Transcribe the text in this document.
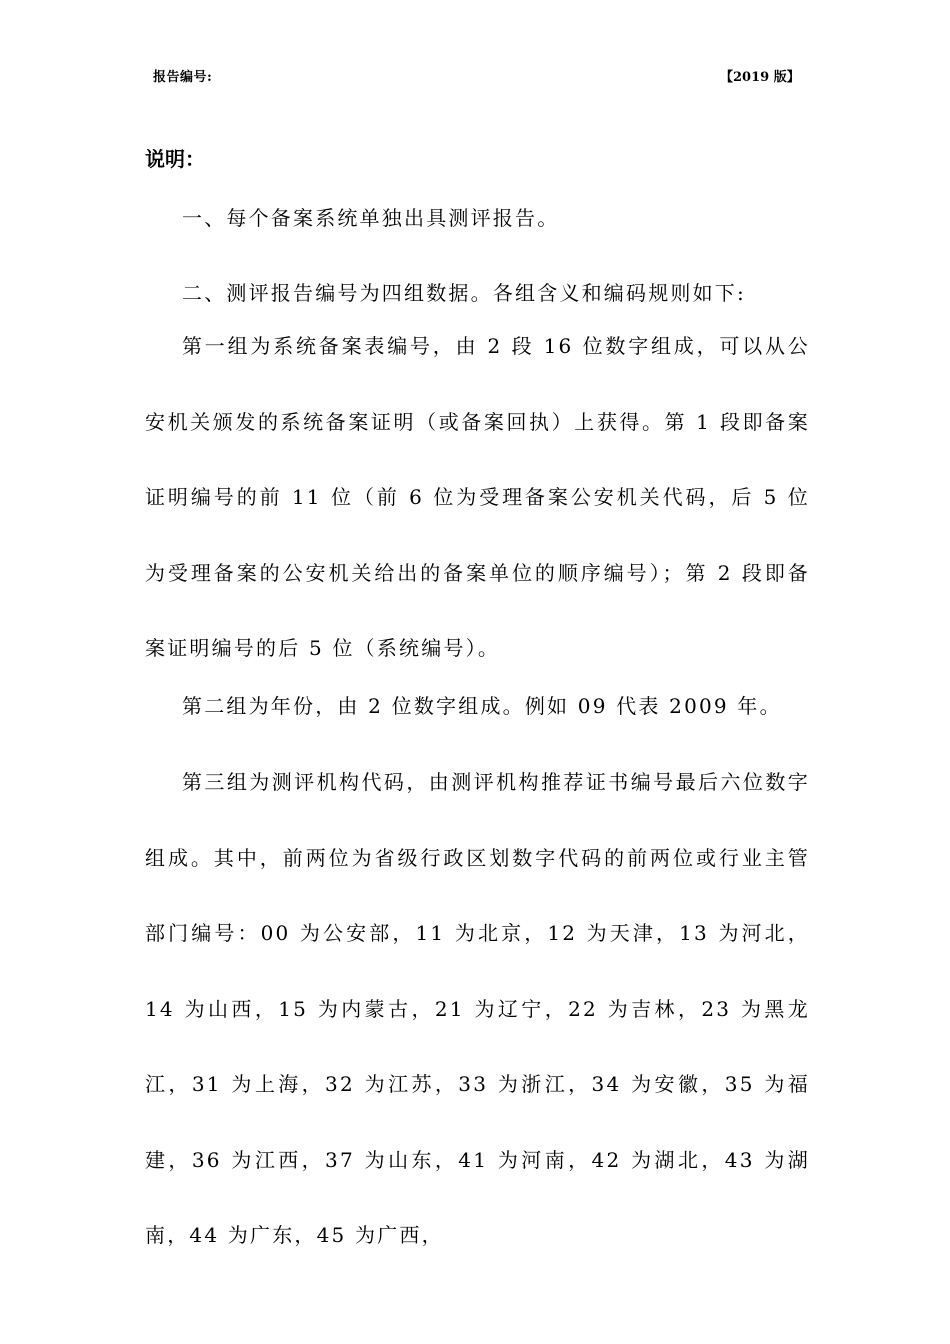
报告编号:	【2019 版】
说明：

一、每个备案系统单独出具测评报告。

二、测评报告编号为四组数据。各组含义和编码规则如下:

第一组为系统备案表编号，由 2 段 16 位数字组成，可以从公安机关颁发的系统备案证明（或备案回执）上获得。第 1 段即备案证明编号的前 11 位（前 6 位为受理备案公安机关代码，后 5 位为受理备案的公安机关给出的备案单位的顺序编号）；第 2 段即备案证明编号的后 5 位（系统编号）。

第二组为年份，由 2 位数字组成。例如 09 代表 2009 年。

第三组为测评机构代码，由测评机构推荐证书编号最后六位数字组成。其中，前两位为省级行政区划数字代码的前两位或行业主管部门编号：00 为公安部，11 为北京，12 为天津，13 为河北，14 为山西，15 为内蒙古，21 为辽宁，22 为吉林，23 为黑龙江，31 为上海，32 为江苏，33 为浙江，34 为安徽，35 为福建，36 为江西，37 为山东，41 为河南，42 为湖北，43 为湖南，44 为广东，45 为广西，
